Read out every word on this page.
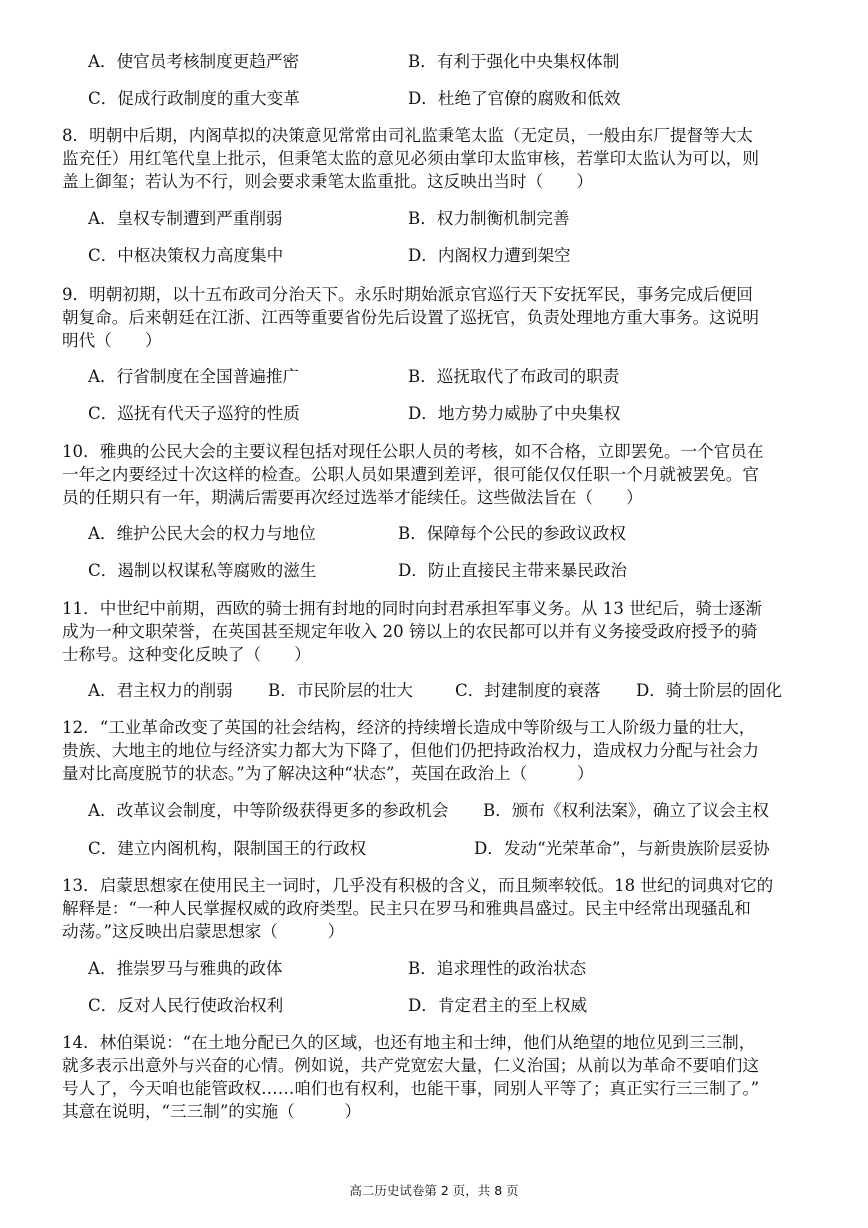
A．使官员考核制度更趋严密	B．有利于强化中央集权体制
C．促成行政制度的重大变革	D．杜绝了官僚的腐败和低效
8．明朝中后期，内阁草拟的决策意见常常由司礼监秉笔太监（无定员，一般由东厂提督等大太
监充任）用红笔代皇上批示，但秉笔太监的意见必须由掌印太监审核，若掌印太监认为可以，则
盖上御玺；若认为不行，则会要求秉笔太监重批。这反映出当时（　　）
A．皇权专制遭到严重削弱	B．权力制衡机制完善
C．中枢决策权力高度集中	D．内阁权力遭到架空
9．明朝初期，以十五布政司分治天下。永乐时期始派京官巡行天下安抚军民，事务完成后便回
朝复命。后来朝廷在江浙、江西等重要省份先后设置了巡抚官，负责处理地方重大事务。这说明
明代（　　）
A．行省制度在全国普遍推广	B．巡抚取代了布政司的职责
C．巡抚有代天子巡狩的性质	D．地方势力威胁了中央集权
10．雅典的公民大会的主要议程包括对现任公职人员的考核，如不合格，立即罢免。一个官员在
一年之内要经过十次这样的检查。公职人员如果遭到差评，很可能仅仅任职一个月就被罢免。官
员的任期只有一年，期满后需要再次经过选举才能续任。这些做法旨在（　　）
A．维护公民大会的权力与地位	B．保障每个公民的参政议政权
C．遏制以权谋私等腐败的滋生	D．防止直接民主带来暴民政治
11．中世纪中前期，西欧的骑士拥有封地的同时向封君承担军事义务。从 13 世纪后，骑士逐渐
成为一种文职荣誉，在英国甚至规定年收入 20 镑以上的农民都可以并有义务接受政府授予的骑
士称号。这种变化反映了（　　）
A．君主权力的削弱 B．市民阶层的壮大	C．封建制度的衰落 D．骑士阶层的固化
12．“工业革命改变了英国的社会结构，经济的持续增长造成中等阶级与工人阶级力量的壮大，
贵族、大地主的地位与经济实力都大为下降了，但他们仍把持政治权力，造成权力分配与社会力
量对比高度脱节的状态。”为了解决这种“状态”，英国在政治上（　　　）
A．改革议会制度，中等阶级获得更多的参政机会 B．颁布《权利法案》，确立了议会主权
C．建立内阁机构，限制国王的行政权	D．发动“光荣革命”，与新贵族阶层妥协
13．启蒙思想家在使用民主一词时，几乎没有积极的含义，而且频率较低。18 世纪的词典对它的
解释是：“一种人民掌握权威的政府类型。民主只在罗马和雅典昌盛过。民主中经常出现骚乱和
动荡。”这反映出启蒙思想家（　　　）
A．推崇罗马与雅典的政体	B．追求理性的政治状态
C．反对人民行使政治权利	D．肯定君主的至上权威
14．林伯渠说：“在土地分配已久的区域，也还有地主和士绅，他们从绝望的地位见到三三制，
就多表示出意外与兴奋的心情。例如说，共产党宽宏大量，仁义治国；从前以为革命不要咱们这
号人了，今天咱也能管政权……咱们也有权利，也能干事，同别人平等了；真正实行三三制了。”
其意在说明，“三三制”的实施（　　　）
高二历史试卷第 2 页，共 8 页
